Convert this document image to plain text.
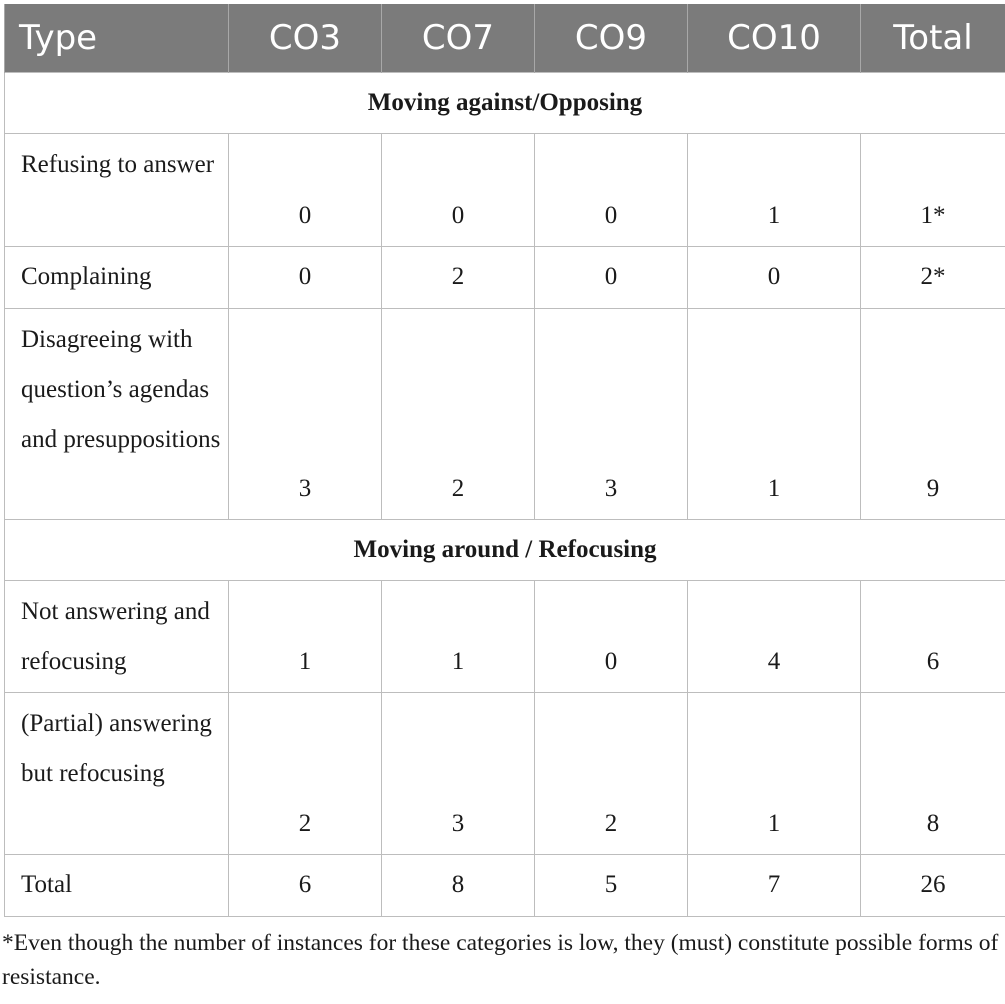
Type	CO3	CO7	CO9	CO10	Total
Moving against/Opposing					
Refusing to answer	0	0	0	1	1*
Complaining	0	2	0	0	2*
Disagreeing with question’s agendas and presuppositions	3	2	3	1	9
Moving around / Refocusing					
Not answering and refocusing	1	1	0	4	6
(Partial) answering but refocusing	2	3	2	1	8
Total	6	8	5	7	26
*Even though the number of instances for these categories is low, they (must) constitute possible forms of resistance.
